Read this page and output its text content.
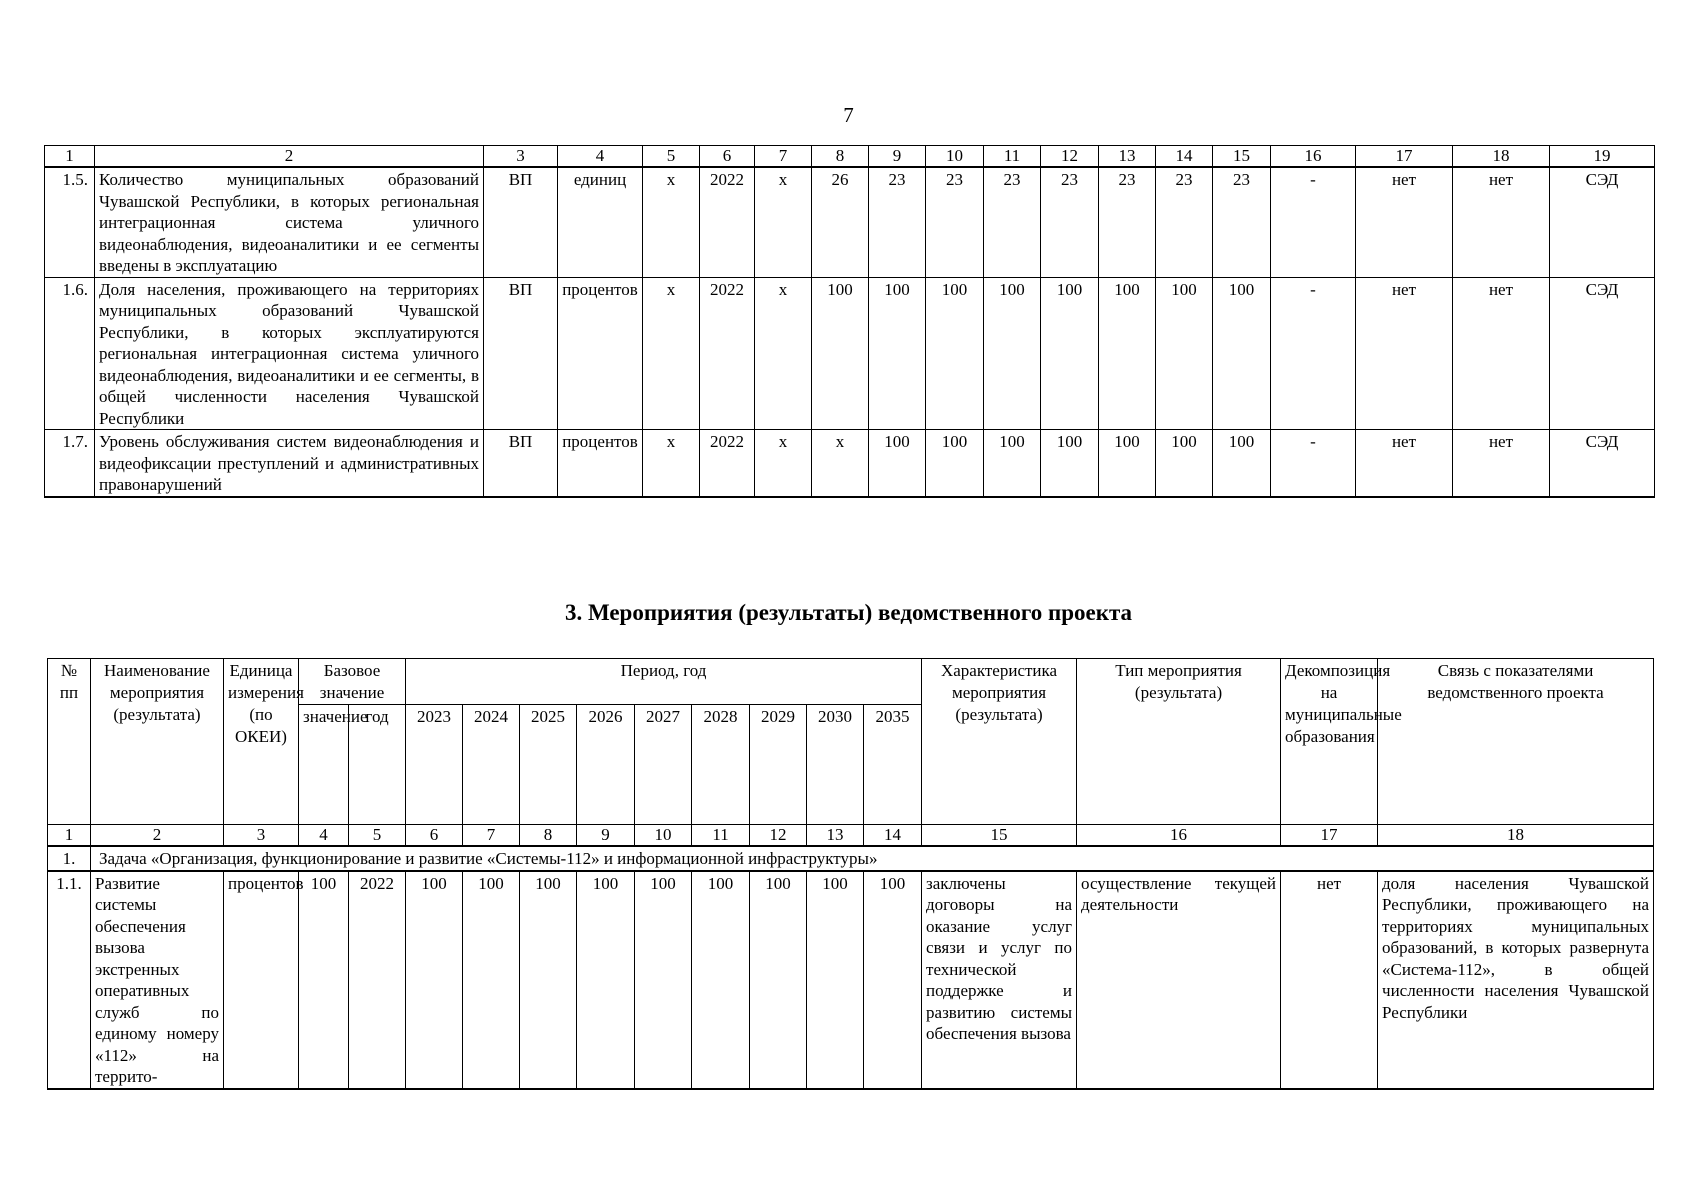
7
1	2	3	4	5	6	7	8	9	10	11	12	13	14	15	16	17	18	19
1.5.	Количество муниципальных образований Чувашской Республики, в которых региональная интеграционная система уличного видеонаблюдения, видеоаналитики и ее сегменты введены в эксплуатацию	ВП	единиц	х	2022	х	26	23	23	23	23	23	23	23	-	нет	нет	СЭД
1.6.	Доля населения, проживающего на территориях муниципальных образований Чувашской Республики, в которых эксплуатируются региональная интеграционная система уличного видеонаблюдения, видеоаналитики и ее сегменты, в общей численности населения Чувашской Республики	ВП	процентов	х	2022	х	100	100	100	100	100	100	100	100	-	нет	нет	СЭД
1.7.	Уровень обслуживания систем видеонаблюдения и видеофиксации преступлений и административных правонарушений	ВП	процентов	х	2022	х	х	100	100	100	100	100	100	100	-	нет	нет	СЭД
3. Мероприятия (результаты) ведомственного проекта
№ пп	Наименование мероприятия (результата)	Единица измерения (по ОКЕИ)	Базовое значение		Период, год									Характеристика мероприятия (результата)	Тип мероприятия (результата)	Декомпозиция на муниципальные образования	Связь с показателями ведомственного проекта
			значение	год	2023	2024	2025	2026	2027	2028	2029	2030	2035				
1	2	3	4	5	6	7	8	9	10	11	12	13	14	15	16	17	18
1.	Задача «Организация, функционирование и развитие «Системы-112» и информационной инфраструктуры»																
1.1.	Развитие системы обеспечения вызова экстренных оперативных служб по единому номеру «112» на террито-	процентов	100	2022	100	100	100	100	100	100	100	100	100	заключены договоры на оказание услуг связи и услуг по технической поддержке и развитию системы обеспечения вызова	осуществление текущей деятельности	нет	доля населения Чувашской Республики, проживающего на территориях муниципальных образований, в которых развернута «Система-112», в общей численности населения Чувашской Республики
